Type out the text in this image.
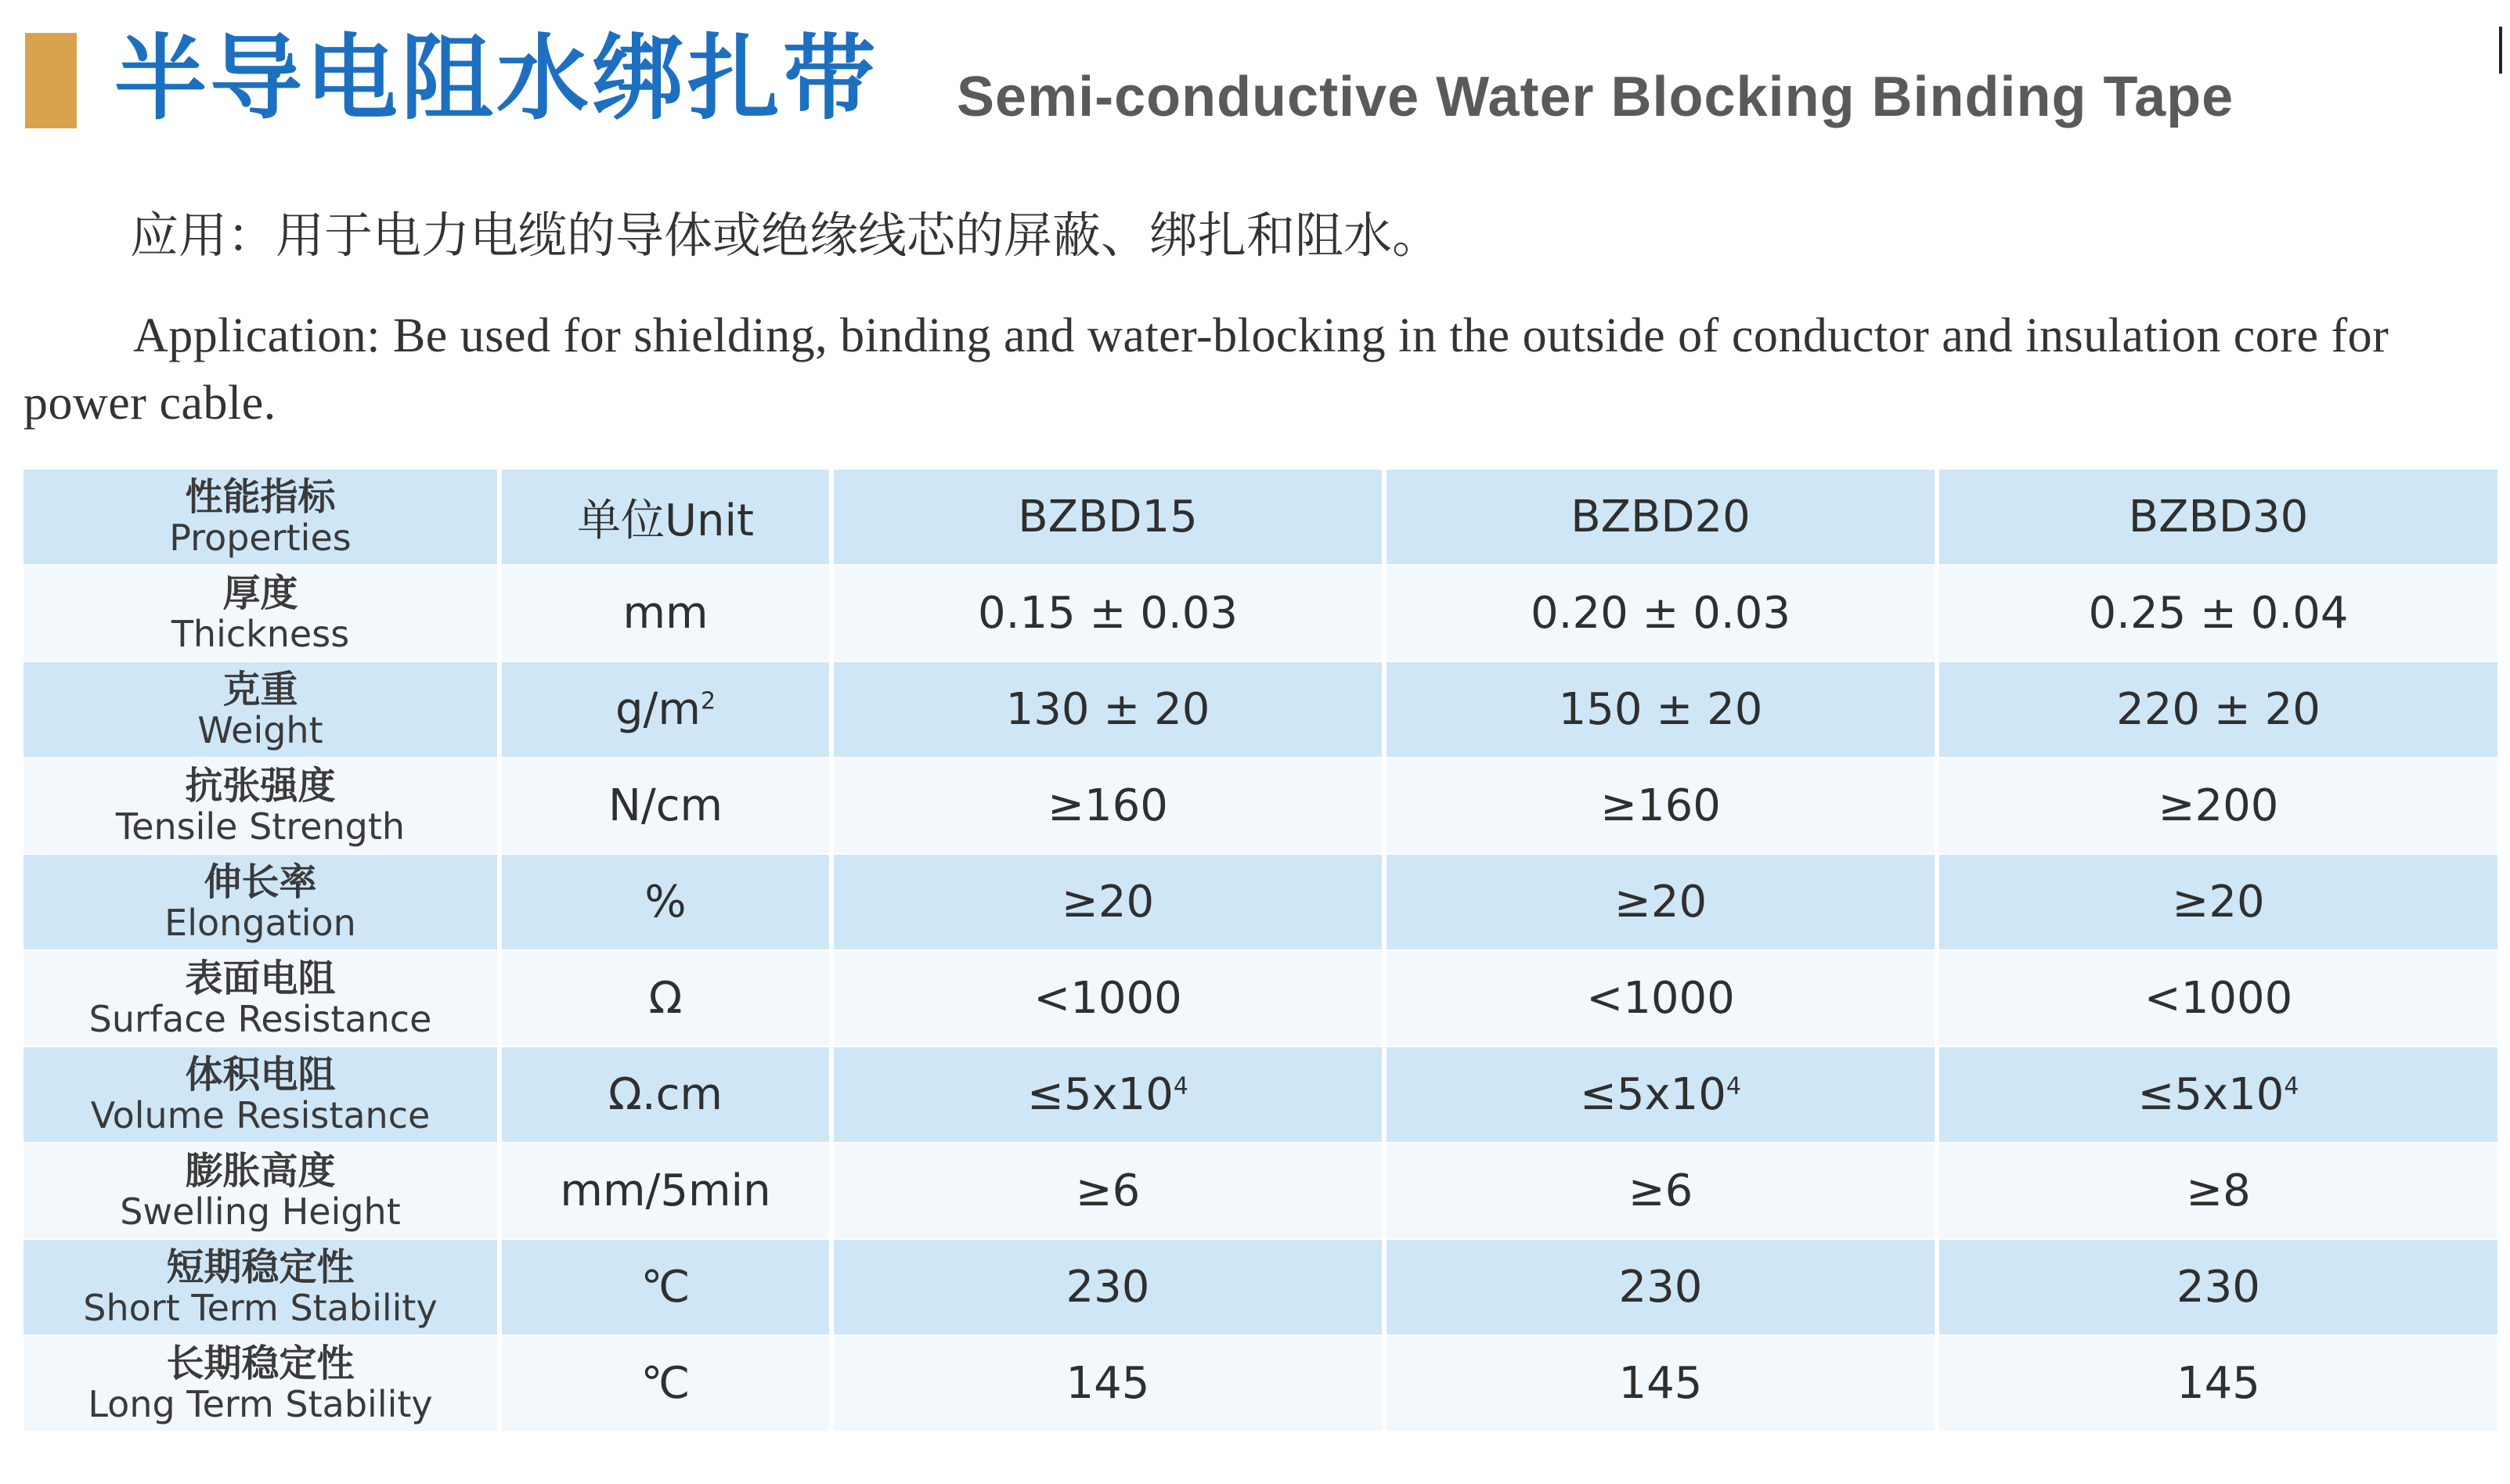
半导电阻水绑扎带 Semi-conductive Water Blocking Binding Tape
应用：用于电力电缆的导体或绝缘线芯的屏蔽、绑扎和阻水。
Application: Be used for shielding, binding and water-blocking in the outside of conductor and insulation core for power cable.
性能指标
Properties	单位Unit	BZBD15	BZBD20	BZBD30

厚度
Thickness	mm	0.15 ± 0.03	0.20 ± 0.03	0.25 ± 0.04

克重
Weight	$g/m^2$	130 ± 20	150 ± 20	220 ± 20

抗张强度
Tensile Strength	N/cm	≥160	≥160	≥200

伸长率
Elongation	%	≥20	≥20	≥20

表面电阻
Surface Resistance	Ω	<1000	<1000	<1000

体积电阻
Volume Resistance	Ω.cm	$\le 5x10^4$	$\le 5x10^4$	$\le 5x10^4$

膨胀高度
Swelling Height	mm/5min	≥6	≥6	≥8

短期稳定性
Short Term Stability	℃	230	230	230

长期稳定性
Long Term Stability	℃	145	145	145
